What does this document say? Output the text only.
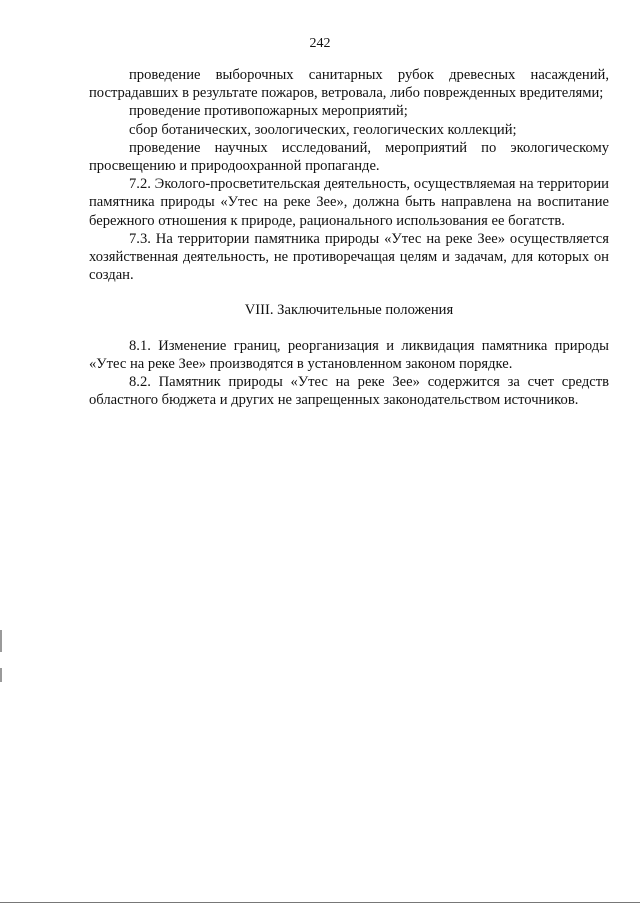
242

проведение выборочных санитарных рубок древесных насаждений, пострадавших в результате пожаров, ветровала, либо поврежденных вредителями;

проведение противопожарных мероприятий;

сбор ботанических, зоологических, геологических коллекций;

проведение научных исследований, мероприятий по экологическому просвещению и природоохранной пропаганде.

7.2. Эколого-просветительская деятельность, осуществляемая на территории памятника природы «Утес на реке Зее», должна быть направлена на воспитание бережного отношения к природе, рационального использования ее богатств.

7.3. На территории памятника природы «Утес на реке Зее» осуществляется хозяйственная деятельность, не противоречащая целям и задачам, для которых он создан.

VIII. Заключительные положения

8.1. Изменение границ, реорганизация и ликвидация памятника природы «Утес на реке Зее» производятся в установленном законом порядке.

8.2. Памятник природы «Утес на реке Зее» содержится за счет средств областного бюджета и других не запрещенных законодательством источников.
